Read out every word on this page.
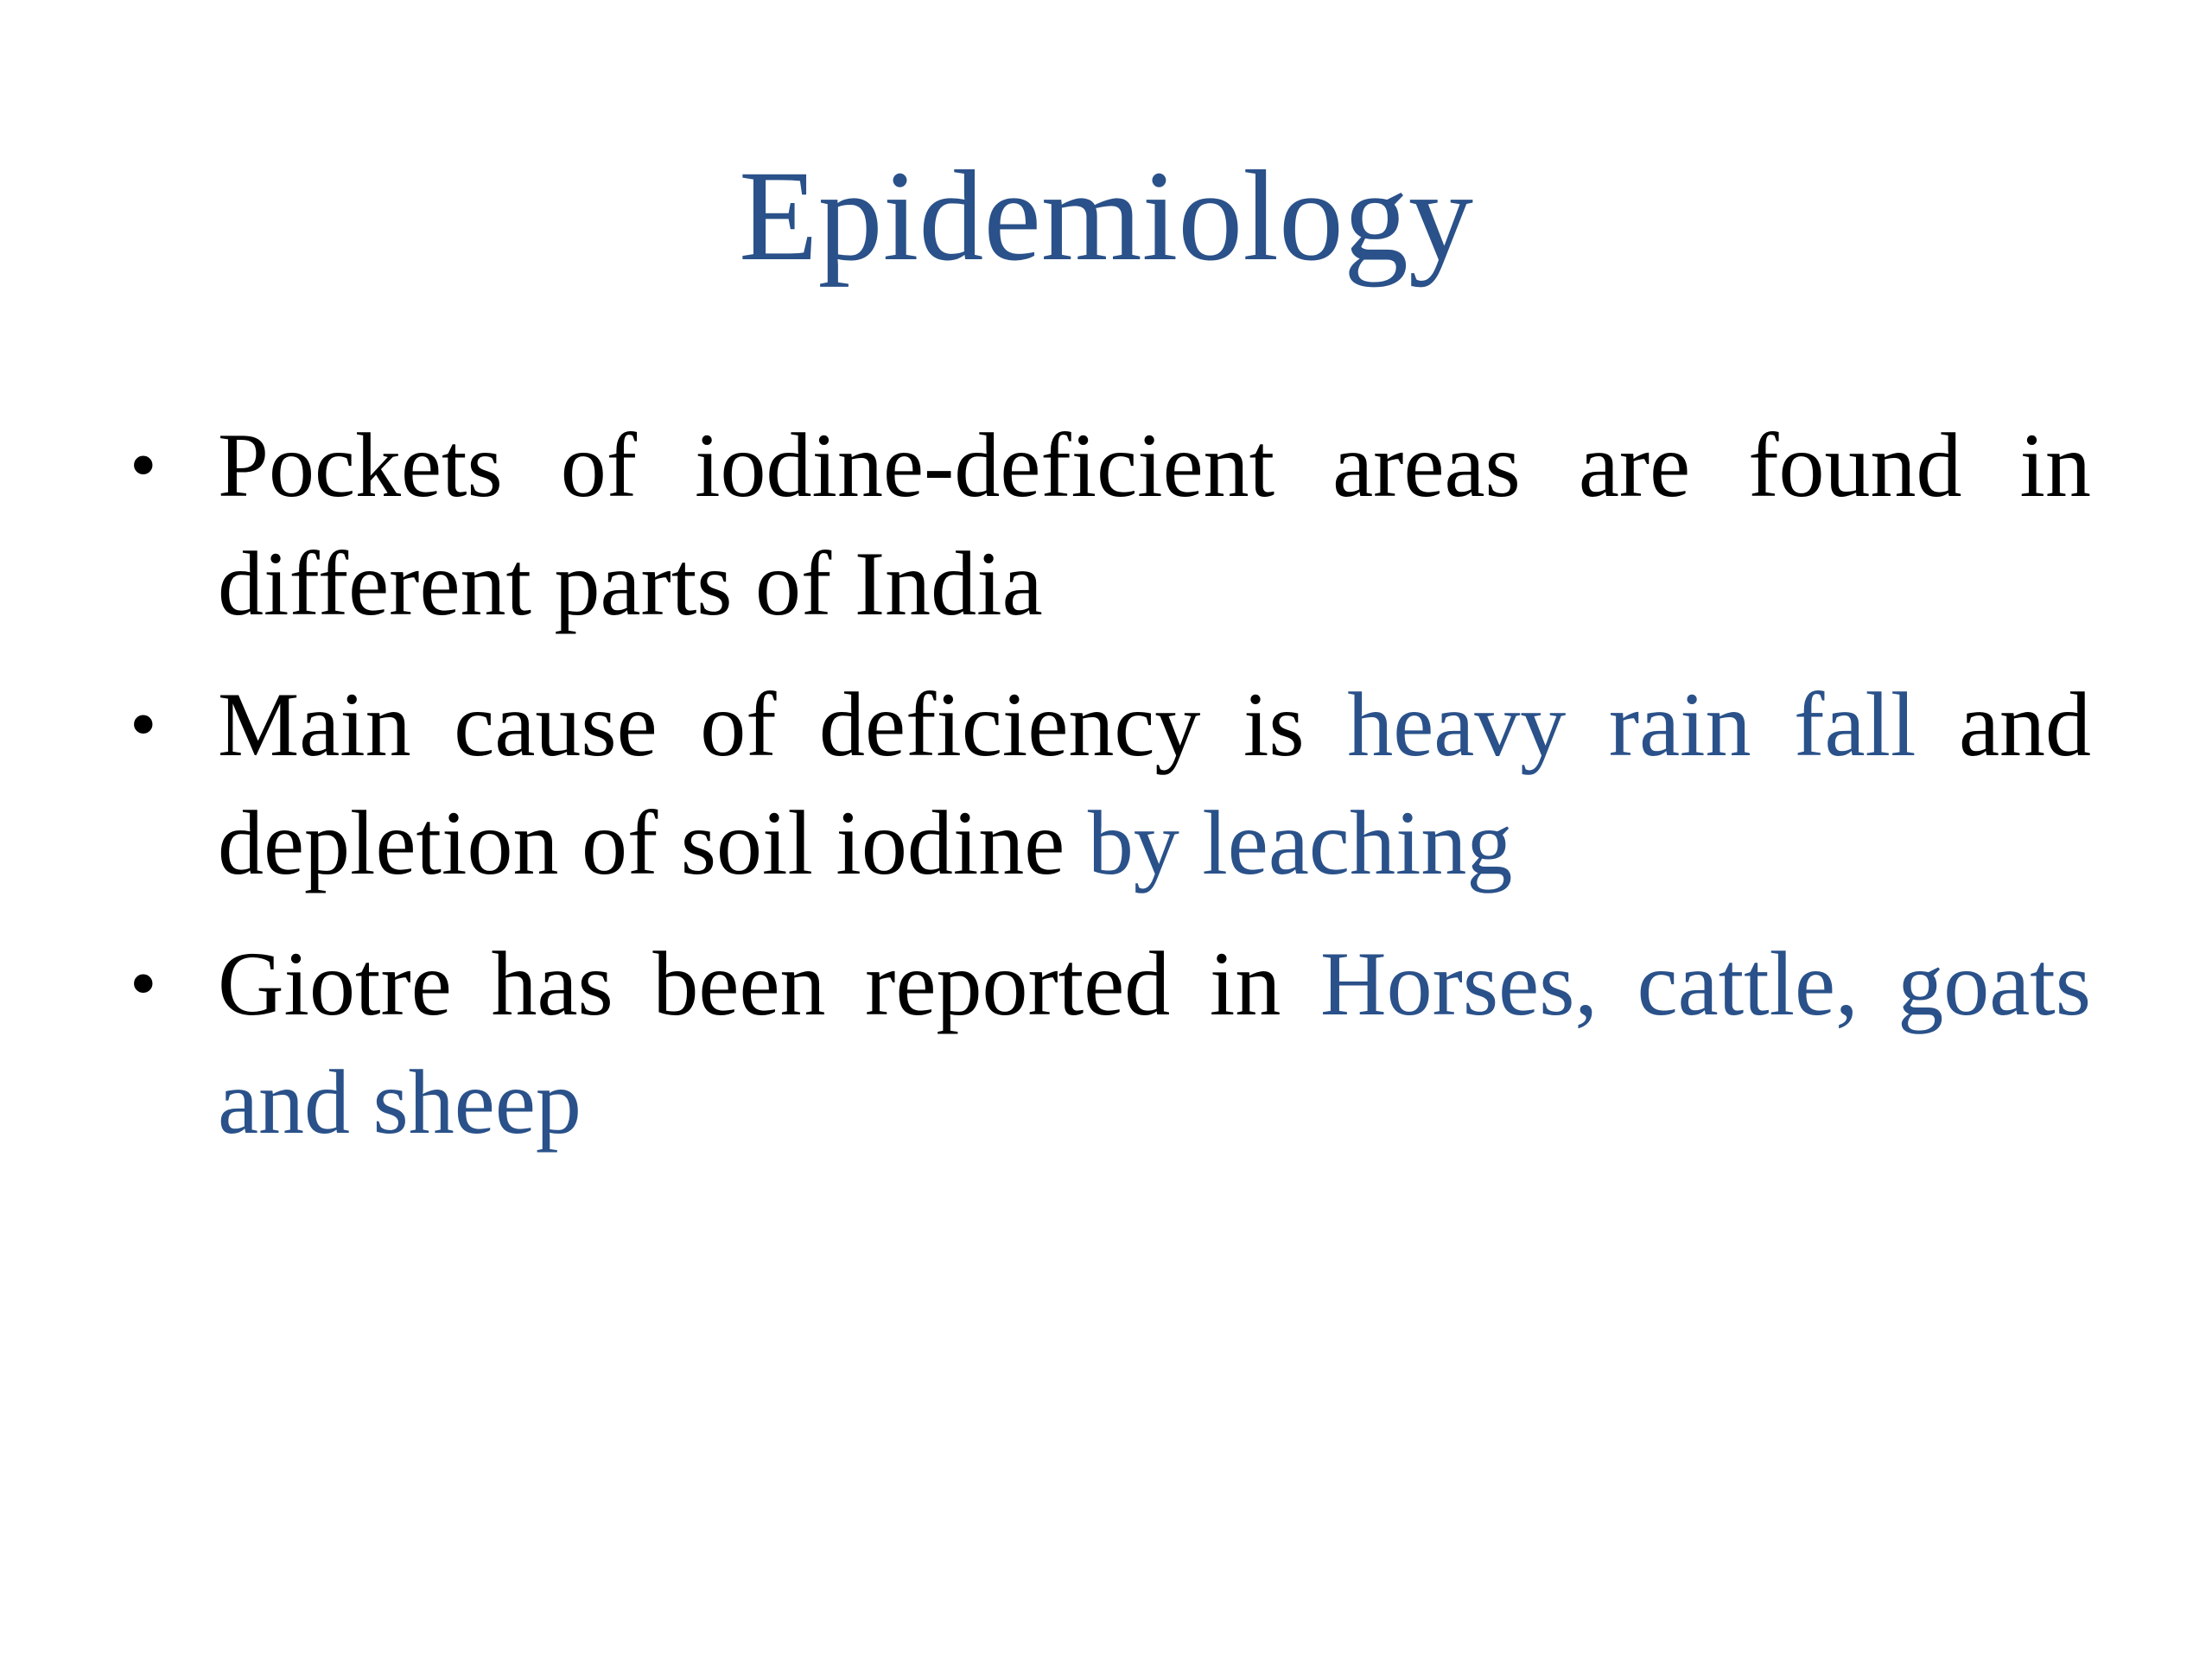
Epidemiology
• Pockets of iodine-deficient areas are found in different parts of India
• Main cause of deficiency is heavy rain fall and depletion of soil iodine by leaching
• Giotre has been reported in Horses, cattle, goats and sheep
